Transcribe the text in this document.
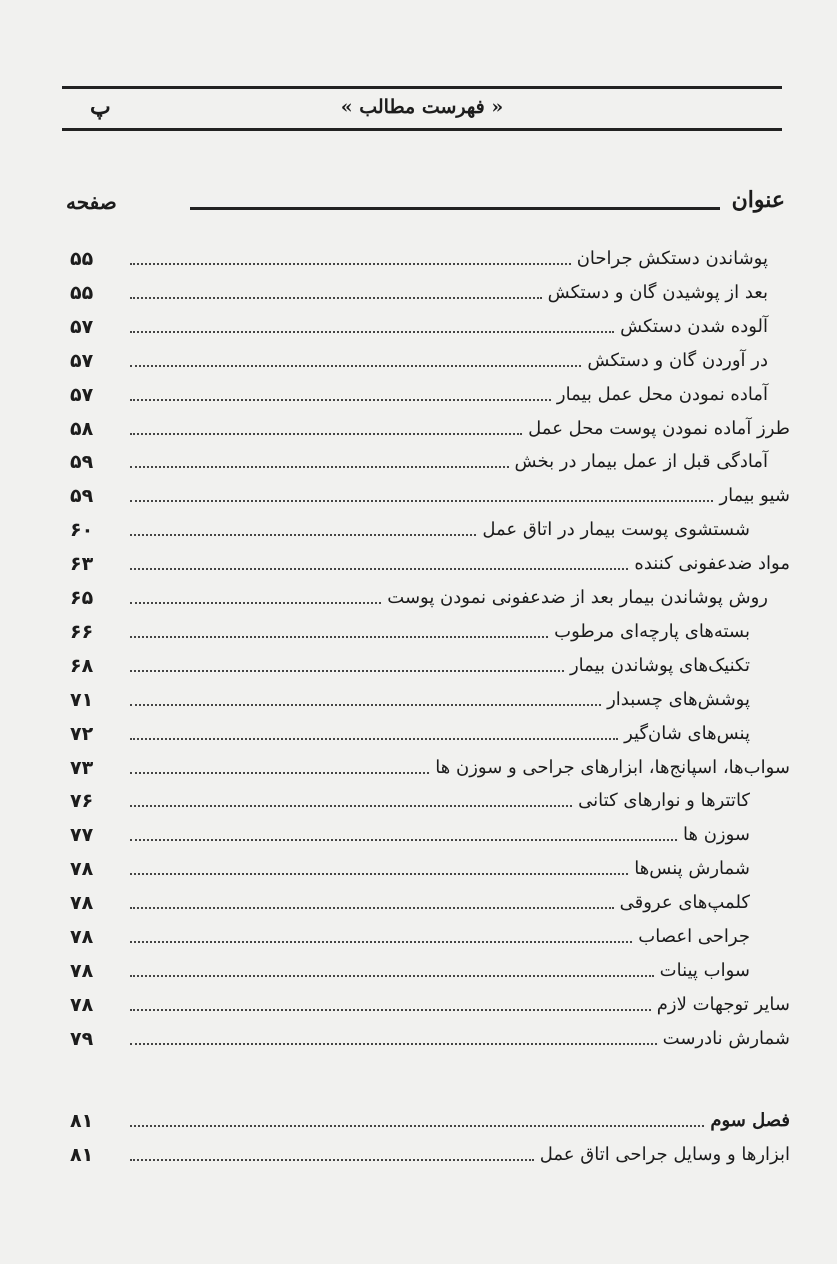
« فهرست مطالب »
پ
عنوان
صفحه
پوشاندن دستکش جراحان
۵۵
بعد از پوشیدن گان و دستکش
۵۵
آلوده شدن دستکش
۵۷
در آوردن گان و دستکش
۵۷
آماده نمودن محل عمل بیمار
۵۷
طرز آماده نمودن پوست محل عمل
۵۸
آمادگی قبل از عمل بیمار در بخش
۵۹
شیو بیمار
۵۹
شستشوی پوست بیمار در اتاق عمل
۶۰
مواد ضدعفونی کننده
۶۳
روش پوشاندن بیمار بعد از ضدعفونی نمودن پوست
۶۵
بسته‌های پارچه‌ای مرطوب
۶۶
تکنیک‌های پوشاندن بیمار
۶۸
پوشش‌های چسبدار
۷۱
پنس‌های شان‌گیر
۷۲
سواب‌ها، اسپانج‌ها، ابزارهای جراحی و سوزن ها
۷۳
کاتترها و نوارهای کتانی
۷۶
سوزن ها
۷۷
شمارش پنس‌ها
۷۸
کلمپ‌های عروقی
۷۸
جراحی اعصاب
۷۸
سواب پینات
۷۸
سایر توجهات لازم
۷۸
شمارش نادرست
۷۹
فصل سوم
۸۱
ابزارها و وسایل جراحی اتاق عمل
۸۱
